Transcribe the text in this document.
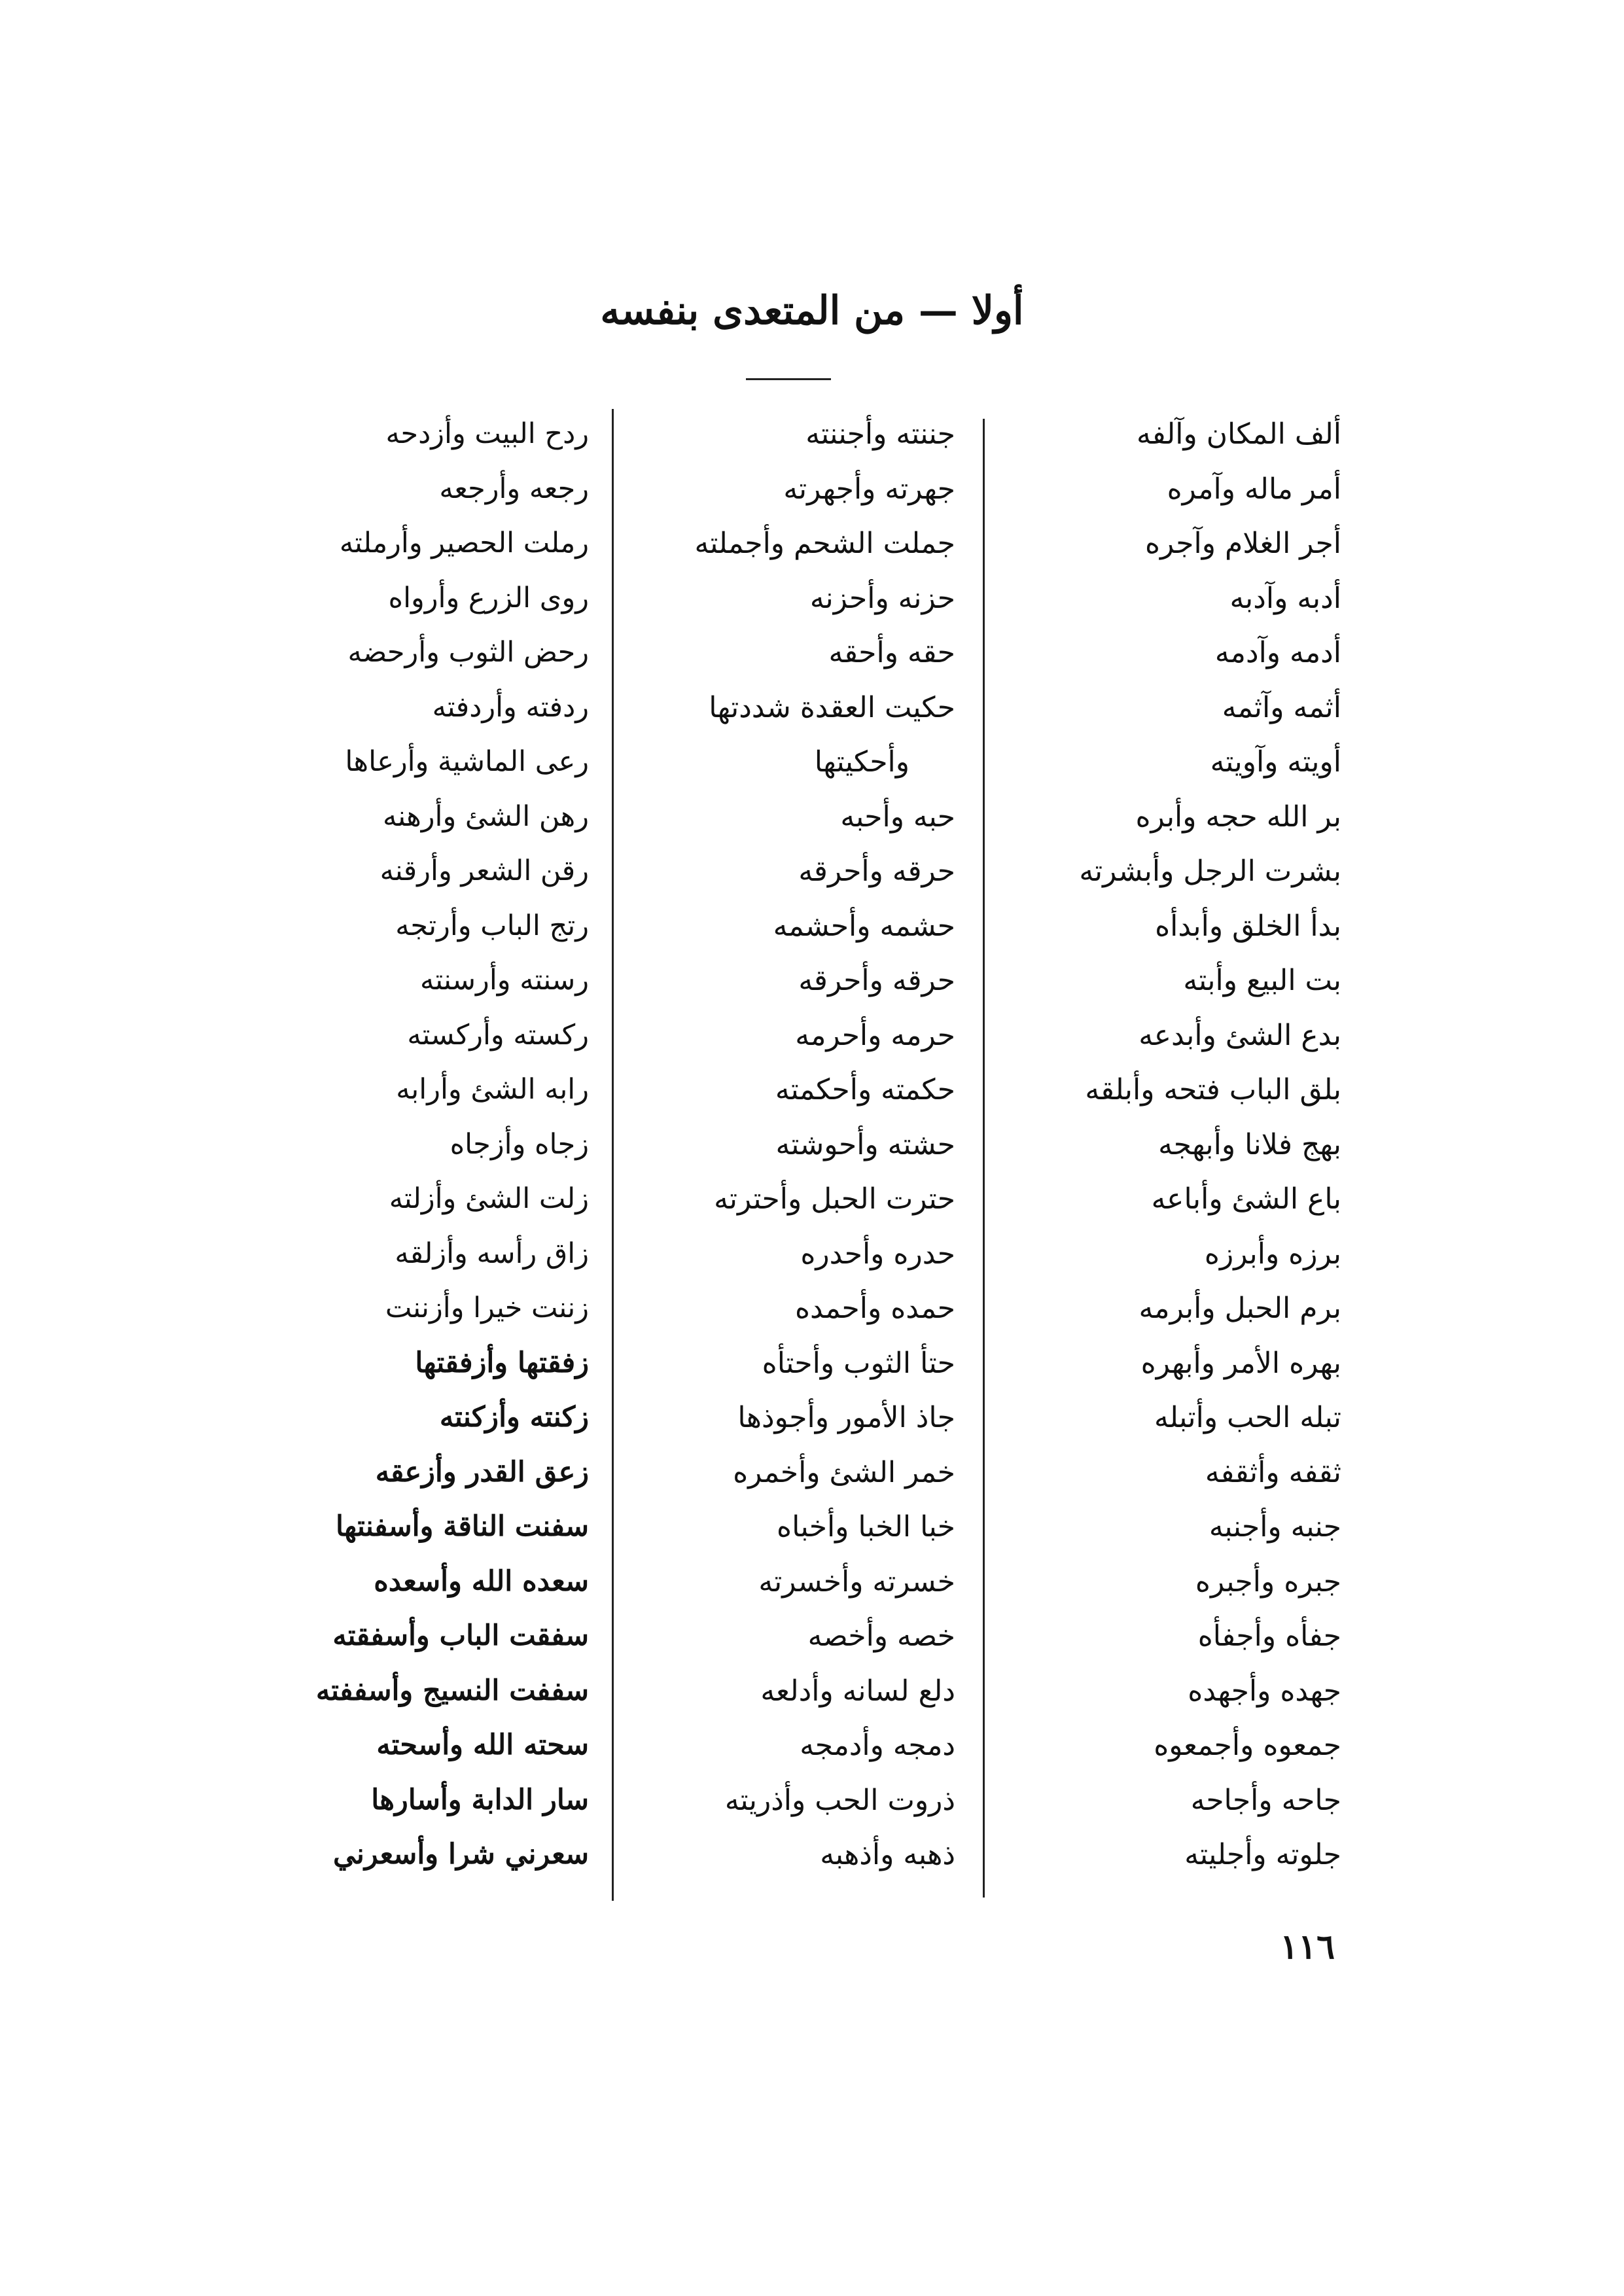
أولا — من المتعدى بنفسه
ألف المكان وآلفه
أمر ماله وآمره
أجر الغلام وآجره
أدبه وآدبه
أدمه وآدمه
أثمه وآثمه
أويته وآويته
بر الله حجه وأبره
بشرت الرجل وأبشرته
بدأ الخلق وأبدأه
بت البيع وأبته
بدع الشئ وأبدعه
بلق الباب فتحه وأبلقه
بهج فلانا وأبهجه
باع الشئ وأباعه
برزه وأبرزه
برم الحبل وأبرمه
بهره الأمر وأبهره
تبله الحب وأتبله
ثقفه وأثقفه
جنبه وأجنبه
جبره وأجبره
جفأه وأجفأه
جهده وأجهده
جمعوه وأجمعوه
جاحه وأجاحه
جلوته وأجليته
جننته وأجننته
جهرته وأجهرته
جملت الشحم وأجملته
حزنه وأحزنه
حقه وأحقه
حكيت العقدة شددتها
وأحكيتها
حبه وأحبه
حرقه وأحرقه
حشمه وأحشمه
حرقه وأحرقه
حرمه وأحرمه
حكمته وأحكمته
حشته وأحوشته
حترت الحبل وأحترته
حدره وأحدره
حمده وأحمده
حتأ الثوب وأحتأه
جاذ الأمور وأجوذها
خمر الشئ وأخمره
خبا الخبا وأخباه
خسرته وأخسرته
خصه وأخصه
دلع لسانه وأدلعه
دمجه وأدمجه
ذروت الحب وأذريته
ذهبه وأذهبه
ردح البيت وأزدحه
رجعه وأرجعه
رملت الحصير وأرملته
روى الزرع وأرواه
رحض الثوب وأرحضه
ردفته وأردفته
رعى الماشية وأرعاها
رهن الشئ وأرهنه
رقن الشعر وأرقنه
رتج الباب وأرتجه
رسنته وأرسنته
ركسته وأركسته
رابه الشئ وأرابه
زجاه وأزجاه
زلت الشئ وأزلته
زاق رأسه وأزلقه
زننت خيرا وأزننت
زفقتها وأزفقتها
زكنته وأزكنته
زعق القدر وأزعقه
سفنت الناقة وأسفنتها
سعده الله وأسعده
سفقت الباب وأسفقته
سففت النسيج وأسففته
سحته الله وأسحته
سار الدابة وأسارها
سعرني شرا وأسعرني
١١٦
